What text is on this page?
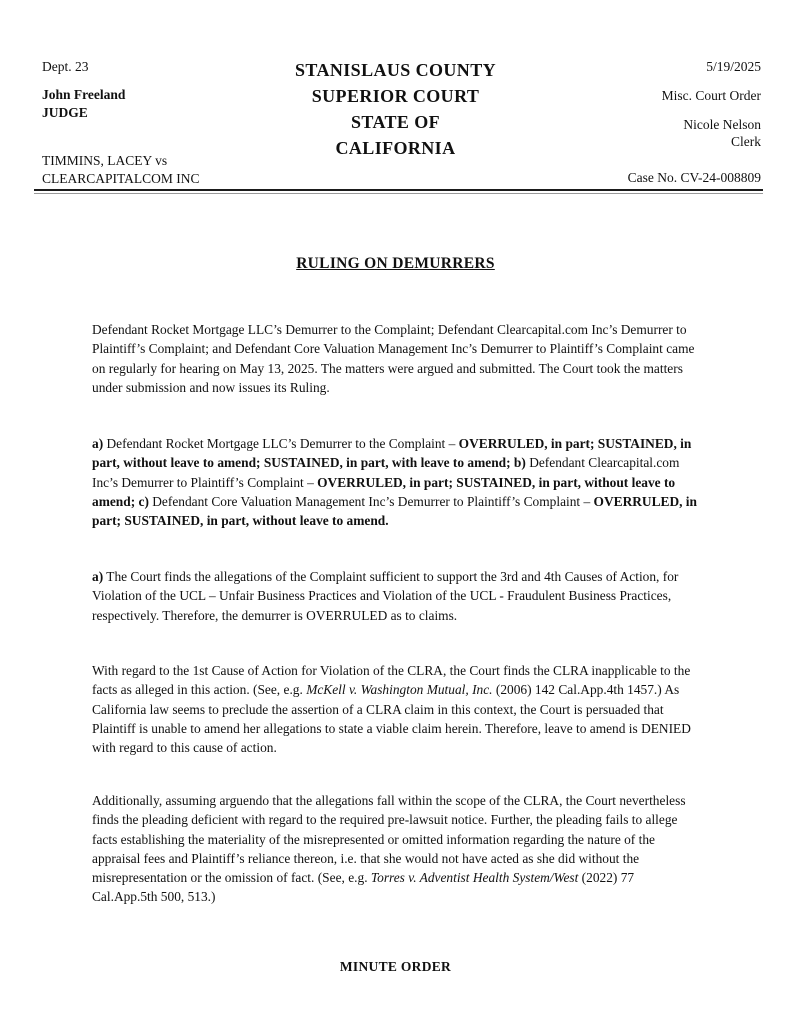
Dept. 23
John Freeland
JUDGE
TIMMINS, LACEY vs
CLEARCAPITALCOM INC
STANISLAUS COUNTY
SUPERIOR COURT
STATE OF
CALIFORNIA
5/19/2025
Misc. Court Order
Nicole Nelson
Clerk
Case No. CV-24-008809
RULING ON DEMURRERS

Defendant Rocket Mortgage LLC’s Demurrer to the Complaint; Defendant Clearcapital.com Inc’s Demurrer to Plaintiff’s Complaint; and Defendant Core Valuation Management Inc’s Demurrer to Plaintiff’s Complaint came on regularly for hearing on May 13, 2025. The matters were argued and submitted. The Court took the matters under submission and now issues its Ruling.

a) Defendant Rocket Mortgage LLC’s Demurrer to the Complaint – OVERRULED, in part; SUSTAINED, in part, without leave to amend; SUSTAINED, in part, with leave to amend; b) Defendant Clearcapital.com Inc’s Demurrer to Plaintiff’s Complaint – OVERRULED, in part; SUSTAINED, in part, without leave to amend; c) Defendant Core Valuation Management Inc’s Demurrer to Plaintiff’s Complaint – OVERRULED, in part; SUSTAINED, in part, without leave to amend.

a) The Court finds the allegations of the Complaint sufficient to support the 3rd and 4th Causes of Action, for Violation of the UCL – Unfair Business Practices and Violation of the UCL - Fraudulent Business Practices, respectively. Therefore, the demurrer is OVERRULED as to claims.

With regard to the 1st Cause of Action for Violation of the CLRA, the Court finds the CLRA inapplicable to the facts as alleged in this action. (See, e.g. McKell v. Washington Mutual, Inc. (2006) 142 Cal.App.4th 1457.) As California law seems to preclude the assertion of a CLRA claim in this context, the Court is persuaded that Plaintiff is unable to amend her allegations to state a viable claim herein. Therefore, leave to amend is DENIED with regard to this cause of action.

Additionally, assuming arguendo that the allegations fall within the scope of the CLRA, the Court nevertheless finds the pleading deficient with regard to the required pre-lawsuit notice. Further, the pleading fails to allege facts establishing the materiality of the misrepresented or omitted information regarding the nature of the appraisal fees and Plaintiff’s reliance thereon, i.e. that she would not have acted as she did without the misrepresentation or the omission of fact. (See, e.g. Torres v. Adventist Health System/West (2022) 77 Cal.App.5th 500, 513.)

MINUTE ORDER
